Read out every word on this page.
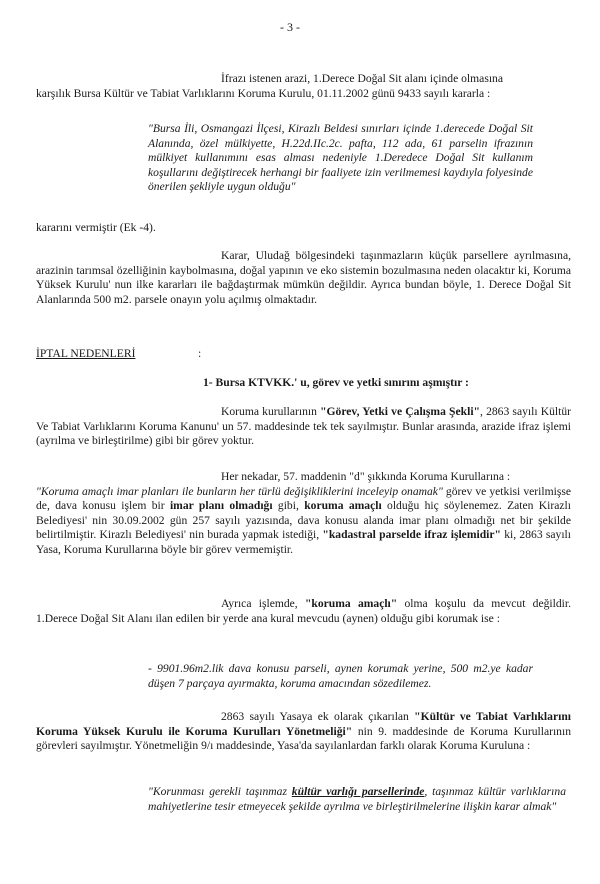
- 3 -
İfrazı istenen arazi, 1.Derece Doğal Sit alanı içinde olmasına
karşılık Bursa Kültür ve Tabiat Varlıklarını Koruma Kurulu, 01.11.2002 günü 9433 sayılı kararla :
"Bursa İli, Osmangazi İlçesi, Kirazlı Beldesi sınırları içinde 1.derecede Doğal Sit Alanında, özel mülkiyette, H.22d.IIc.2c. pafta, 112 ada, 61 parselin ifrazının mülkiyet kullanımını esas alması nedeniyle 1.Deredece Doğal Sit kullanım koşullarını değiştirecek herhangi bir faaliyete izin verilmemesi kaydıyla folyesinde önerilen şekliyle uygun olduğu"
kararını vermiştir (Ek -4).
Karar, Uludağ bölgesindeki taşınmazların küçük parsellere ayrılmasına, arazinin tarımsal özelliğinin kaybolmasına, doğal yapının ve eko sistemin bozulmasına neden olacaktır ki, Koruma Yüksek Kurulu' nun ilke kararları ile bağdaştırmak mümkün değildir. Ayrıca bundan böyle, 1. Derece Doğal Sit Alanlarında 500 m2. parsele onayın yolu açılmış olmaktadır.
İPTAL NEDENLERİ	:
1- Bursa KTVKK.' u, görev ve yetki sınırını aşmıştır :
Koruma kurullarının "Görev, Yetki ve Çalışma Şekli", 2863 sayılı Kültür Ve Tabiat Varlıklarını Koruma Kanunu' un 57. maddesinde tek tek sayılmıştır. Bunlar arasında, arazide ifraz işlemi (ayrılma ve birleştirilme) gibi bir görev yoktur.
Her nekadar, 57. maddenin "d" şıkkında Koruma Kurullarına :
"Koruma amaçlı imar planları ile bunların her türlü değişikliklerini inceleyip onamak" görev ve yetkisi verilmişse de, dava konusu işlem bir imar planı olmadığı gibi, koruma amaçlı olduğu hiç söylenemez. Zaten Kirazlı Belediyesi' nin 30.09.2002 gün 257 sayılı yazısında, dava konusu alanda imar planı olmadığı net bir şekilde belirtilmiştir. Kirazlı Belediyesi' nin burada yapmak istediği, "kadastral parselde ifraz işlemidir" ki, 2863 sayılı Yasa, Koruma Kurullarına böyle bir görev vermemiştir.
Ayrıca işlemde, "koruma amaçlı" olma koşulu da mevcut değildir. 1.Derece Doğal Sit Alanı ilan edilen bir yerde ana kural mevcudu (aynen) olduğu gibi korumak ise :
- 9901.96m2.lik dava konusu parseli, aynen korumak yerine, 500 m2.ye kadar düşen 7 parçaya ayırmakta, koruma amacından sözedilemez.
2863 sayılı Yasaya ek olarak çıkarılan "Kültür ve Tabiat Varlıklarını Koruma Yüksek Kurulu ile Koruma Kurulları Yönetmeliği" nin 9. maddesinde de Koruma Kurullarının görevleri sayılmıştır. Yönetmeliğin 9/ı maddesinde, Yasa'da sayılanlardan farklı olarak Koruma Kuruluna :
"Korunması gerekli taşınmaz kültür varlığı parsellerinde, taşınmaz kültür varlıklarına mahiyetlerine tesir etmeyecek şekilde ayrılma ve birleştirilmelerine ilişkin karar almak"
